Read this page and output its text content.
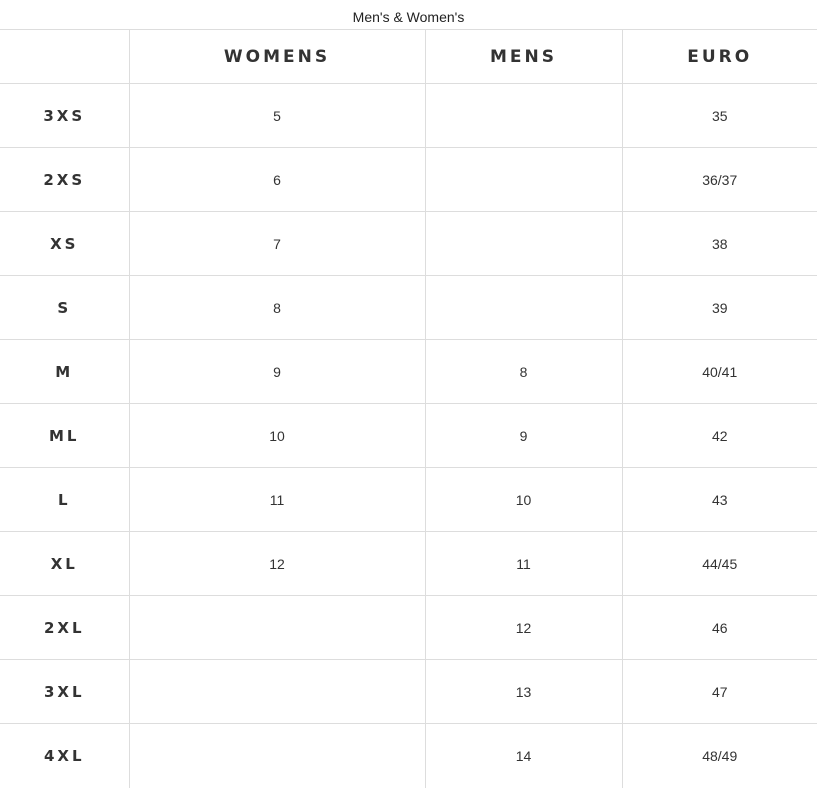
Men's & Women's
	WOMENS	MENS	EURO
3XS	5		35
2XS	6		36/37
XS	7		38
S	8		39
M	9	8	40/41
ML	10	9	42
L	11	10	43
XL	12	11	44/45
2XL		12	46
3XL		13	47
4XL		14	48/49
